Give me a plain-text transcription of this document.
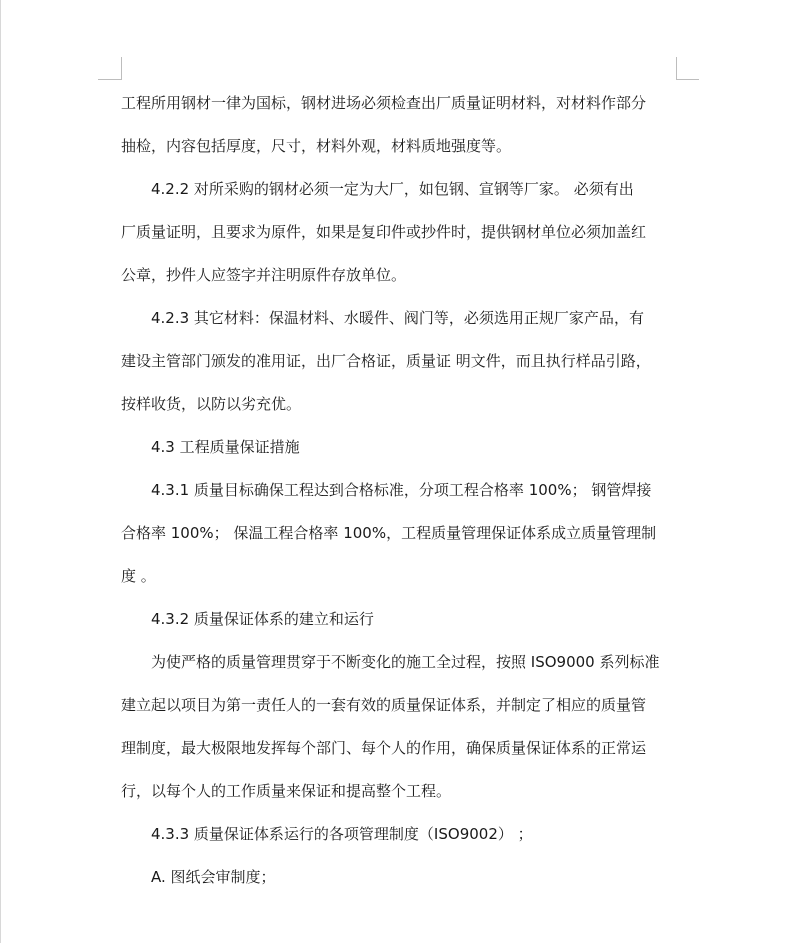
工程所用钢材一律为国标，钢材进场必须检查出厂质量证明材料，对材料作部分
抽检，内容包括厚度，尺寸，材料外观，材料质地强度等。
4.2.2 对所采购的钢材必须一定为大厂，如包钢、宣钢等厂家。 必须有出
厂质量证明，且要求为原件，如果是复印件或抄件时，提供钢材单位必须加盖红
公章，抄件人应签字并注明原件存放单位。
4.2.3 其它材料：保温材料、水暖件、阀门等，必须选用正规厂家产品，有
建设主管部门颁发的准用证，出厂合格证，质量证 明文件，而且执行样品引路，
按样收货，以防以劣充优。
4.3 工程质量保证措施
4.3.1 质量目标确保工程达到合格标准，分项工程合格率 100%； 钢管焊接
合格率 100%； 保温工程合格率 100%，工程质量管理保证体系成立质量管理制
度 。
4.3.2 质量保证体系的建立和运行
为使严格的质量管理贯穿于不断变化的施工全过程，按照 ISO9000 系列标准
建立起以项目为第一责任人的一套有效的质量保证体系，并制定了相应的质量管
理制度，最大极限地发挥每个部门、每个人的作用，确保质量保证体系的正常运
行，以每个人的工作质量来保证和提高整个工程。
4.3.3 质量保证体系运行的各项管理制度（ISO9002） ；
A. 图纸会审制度；
